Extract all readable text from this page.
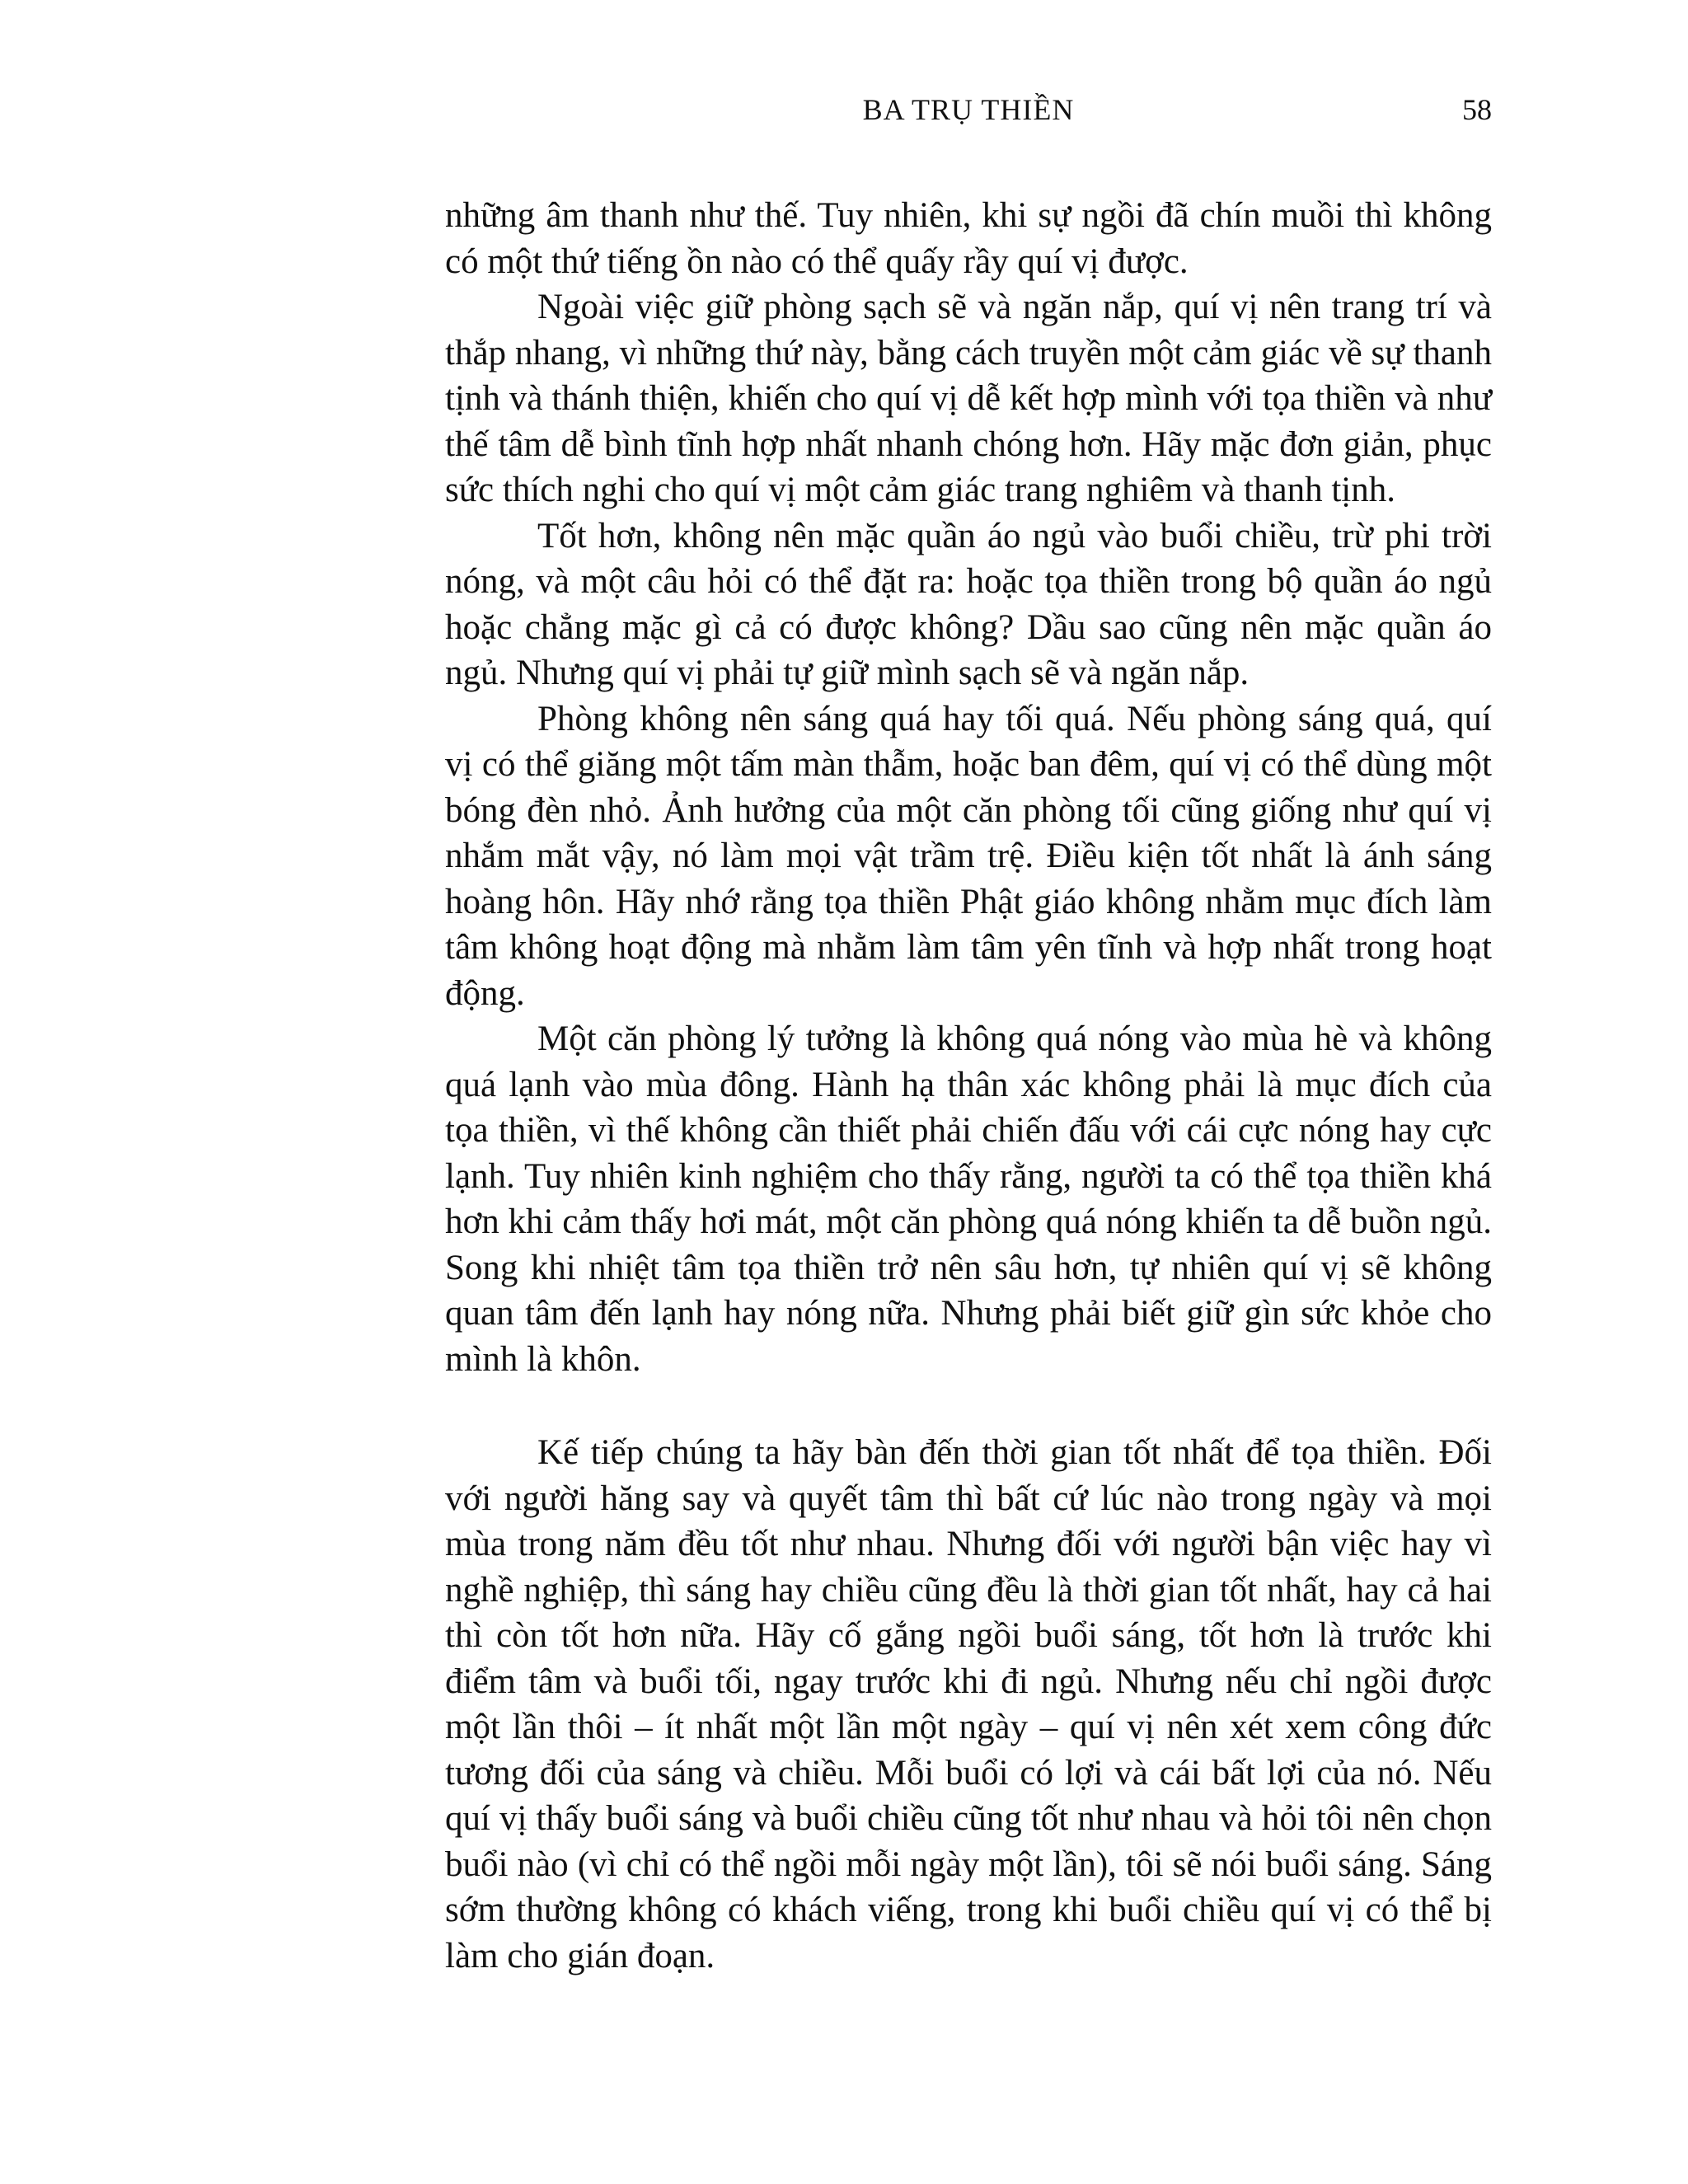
BA TRỤ THIỀN	58

những âm thanh như thế. Tuy nhiên, khi sự ngồi đã chín muồi thì không có một thứ tiếng ồn nào có thể quấy rầy quí vị được.

Ngoài việc giữ phòng sạch sẽ và ngăn nắp, quí vị nên trang trí và thắp nhang, vì những thứ này, bằng cách truyền một cảm giác về sự thanh tịnh và thánh thiện, khiến cho quí vị dễ kết hợp mình với tọa thiền và như thế tâm dễ bình tĩnh hợp nhất nhanh chóng hơn. Hãy mặc đơn giản, phục sức thích nghi cho quí vị một cảm giác trang nghiêm và thanh tịnh.

Tốt hơn, không nên mặc quần áo ngủ vào buổi chiều, trừ phi trời nóng, và một câu hỏi có thể đặt ra: hoặc tọa thiền trong bộ quần áo ngủ hoặc chẳng mặc gì cả có được không? Dầu sao cũng nên mặc quần áo ngủ. Nhưng quí vị phải tự giữ mình sạch sẽ và ngăn nắp.

Phòng không nên sáng quá hay tối quá. Nếu phòng sáng quá, quí vị có thể giăng một tấm màn thẫm, hoặc ban đêm, quí vị có thể dùng một bóng đèn nhỏ. Ảnh hưởng của một căn phòng tối cũng giống như quí vị nhắm mắt vậy, nó làm mọi vật trầm trệ. Điều kiện tốt nhất là ánh sáng hoàng hôn. Hãy nhớ rằng tọa thiền Phật giáo không nhằm mục đích làm tâm không hoạt động mà nhằm làm tâm yên tĩnh và hợp nhất trong hoạt động.

Một căn phòng lý tưởng là không quá nóng vào mùa hè và không quá lạnh vào mùa đông. Hành hạ thân xác không phải là mục đích của tọa thiền, vì thế không cần thiết phải chiến đấu với cái cực nóng hay cực lạnh. Tuy nhiên kinh nghiệm cho thấy rằng, người ta có thể tọa thiền khá hơn khi cảm thấy hơi mát, một căn phòng quá nóng khiến ta dễ buồn ngủ. Song khi nhiệt tâm tọa thiền trở nên sâu hơn, tự nhiên quí vị sẽ không quan tâm đến lạnh hay nóng nữa. Nhưng phải biết giữ gìn sức khỏe cho mình là khôn.

Kế tiếp chúng ta hãy bàn đến thời gian tốt nhất để tọa thiền. Đối với người hăng say và quyết tâm thì bất cứ lúc nào trong ngày và mọi mùa trong năm đều tốt như nhau. Nhưng đối với người bận việc hay vì nghề nghiệp, thì sáng hay chiều cũng đều là thời gian tốt nhất, hay cả hai thì còn tốt hơn nữa. Hãy cố gắng ngồi buổi sáng, tốt hơn là trước khi điểm tâm và buổi tối, ngay trước khi đi ngủ. Nhưng nếu chỉ ngồi được một lần thôi – ít nhất một lần một ngày – quí vị nên xét xem công đức tương đối của sáng và chiều. Mỗi buổi có lợi và cái bất lợi của nó. Nếu quí vị thấy buổi sáng và buổi chiều cũng tốt như nhau và hỏi tôi nên chọn buổi nào (vì chỉ có thể ngồi mỗi ngày một lần), tôi sẽ nói buổi sáng. Sáng sớm thường không có khách viếng, trong khi buổi chiều quí vị có thể bị làm cho gián đoạn.
